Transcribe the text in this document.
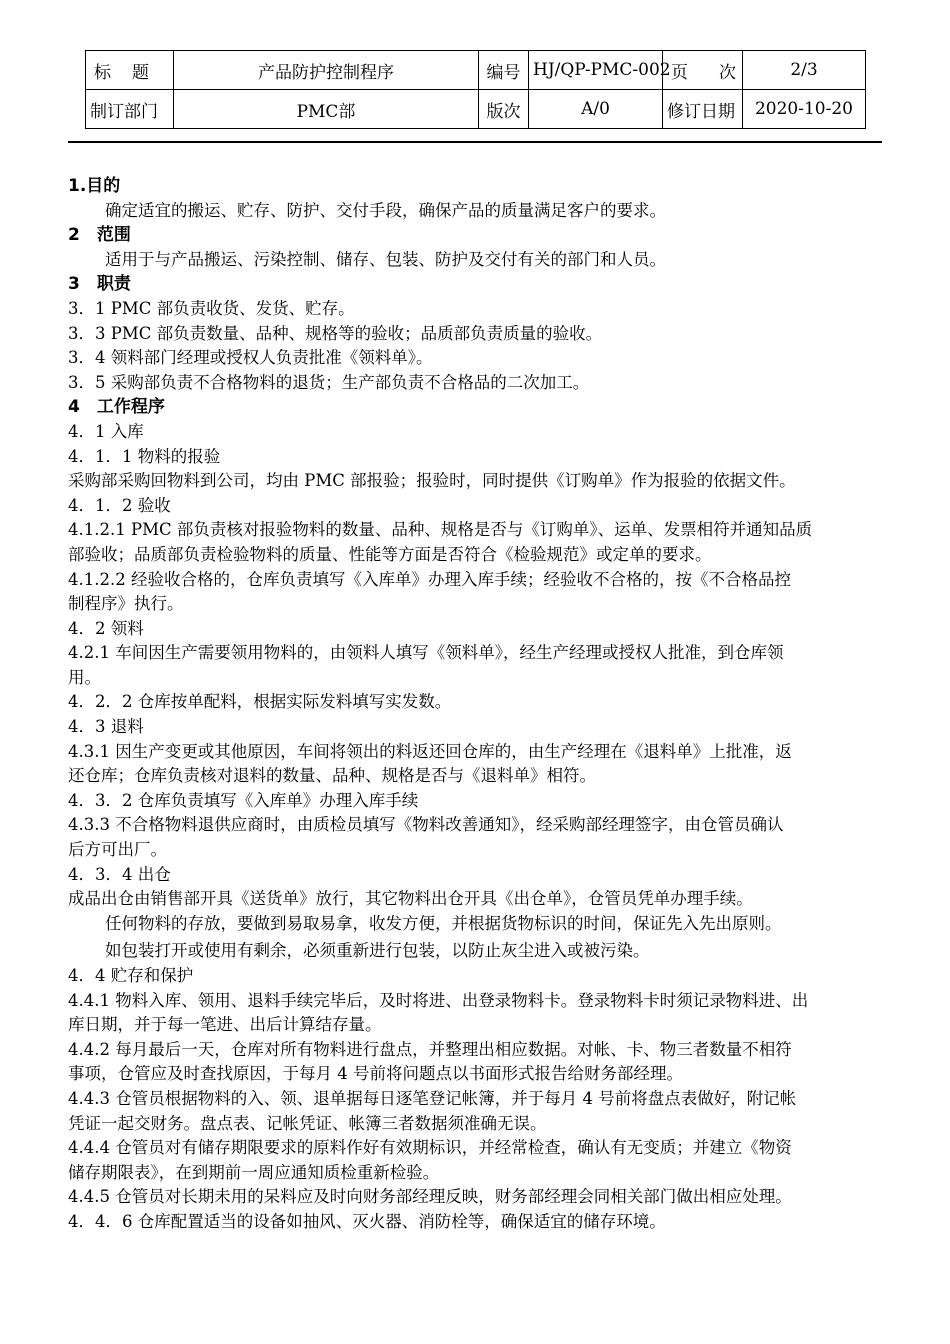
标 题	产品防护控制程序	编号	HJ/QP-PMC-002	页 次	2/3
制订部门	PMC部	版次	A/0	修订日期	2020-10-20
1.目的
确定适宜的搬运、贮存、防护、交付手段，确保产品的质量满足客户的要求。
2　范围
适用于与产品搬运、污染控制、储存、包装、防护及交付有关的部门和人员。
3　职责
3．1 PMC 部负责收货、发货、贮存。
3．3 PMC 部负责数量、品种、规格等的验收；品质部负责质量的验收。
3．4 领料部门经理或授权人负责批准《领料单》。
3．5 采购部负责不合格物料的退货；生产部负责不合格品的二次加工。
4　工作程序
4．1 入库
4．1．1 物料的报验
采购部采购回物料到公司，均由 PMC 部报验；报验时，同时提供《订购单》作为报验的依据文件。
4．1．2 验收
4.1.2.1 PMC 部负责核对报验物料的数量、品种、规格是否与《订购单》、运单、发票相符并通知品质
部验收；品质部负责检验物料的质量、性能等方面是否符合《检验规范》或定单的要求。
4.1.2.2 经验收合格的，仓库负责填写《入库单》办理入库手续；经验收不合格的，按《不合格品控
制程序》执行。
4．2 领料
4.2.1 车间因生产需要领用物料的，由领料人填写《领料单》，经生产经理或授权人批准，到仓库领
用。
4．2．2 仓库按单配料，根据实际发料填写实发数。
4．3 退料
4.3.1 因生产变更或其他原因，车间将领出的料返还回仓库的，由生产经理在《退料单》上批准，返
还仓库；仓库负责核对退料的数量、品种、规格是否与《退料单》相符。
4．3．2 仓库负责填写《入库单》办理入库手续
4.3.3 不合格物料退供应商时，由质检员填写《物料改善通知》，经采购部经理签字，由仓管员确认
后方可出厂。
4．3．4 出仓
成品出仓由销售部开具《送货单》放行，其它物料出仓开具《出仓单》，仓管员凭单办理手续。
任何物料的存放，要做到易取易拿，收发方便，并根据货物标识的时间，保证先入先出原则。
如包装打开或使用有剩余，必须重新进行包装，以防止灰尘进入或被污染。
4．4 贮存和保护
4.4.1 物料入库、领用、退料手续完毕后，及时将进、出登录物料卡。登录物料卡时须记录物料进、出
库日期，并于每一笔进、出后计算结存量。
4.4.2 每月最后一天，仓库对所有物料进行盘点，并整理出相应数据。对帐、卡、物三者数量不相符
事项，仓管应及时查找原因，于每月 4 号前将问题点以书面形式报告给财务部经理。
4.4.3 仓管员根据物料的入、领、退单据每日逐笔登记帐簿，并于每月 4 号前将盘点表做好，附记帐
凭证一起交财务。盘点表、记帐凭证、帐簿三者数据须准确无误。
4.4.4 仓管员对有储存期限要求的原料作好有效期标识，并经常检查，确认有无变质；并建立《物资
储存期限表》，在到期前一周应通知质检重新检验。
4.4.5 仓管员对长期未用的呆料应及时向财务部经理反映，财务部经理会同相关部门做出相应处理。
4．4．6 仓库配置适当的设备如抽风、灭火器、消防栓等，确保适宜的储存环境。
